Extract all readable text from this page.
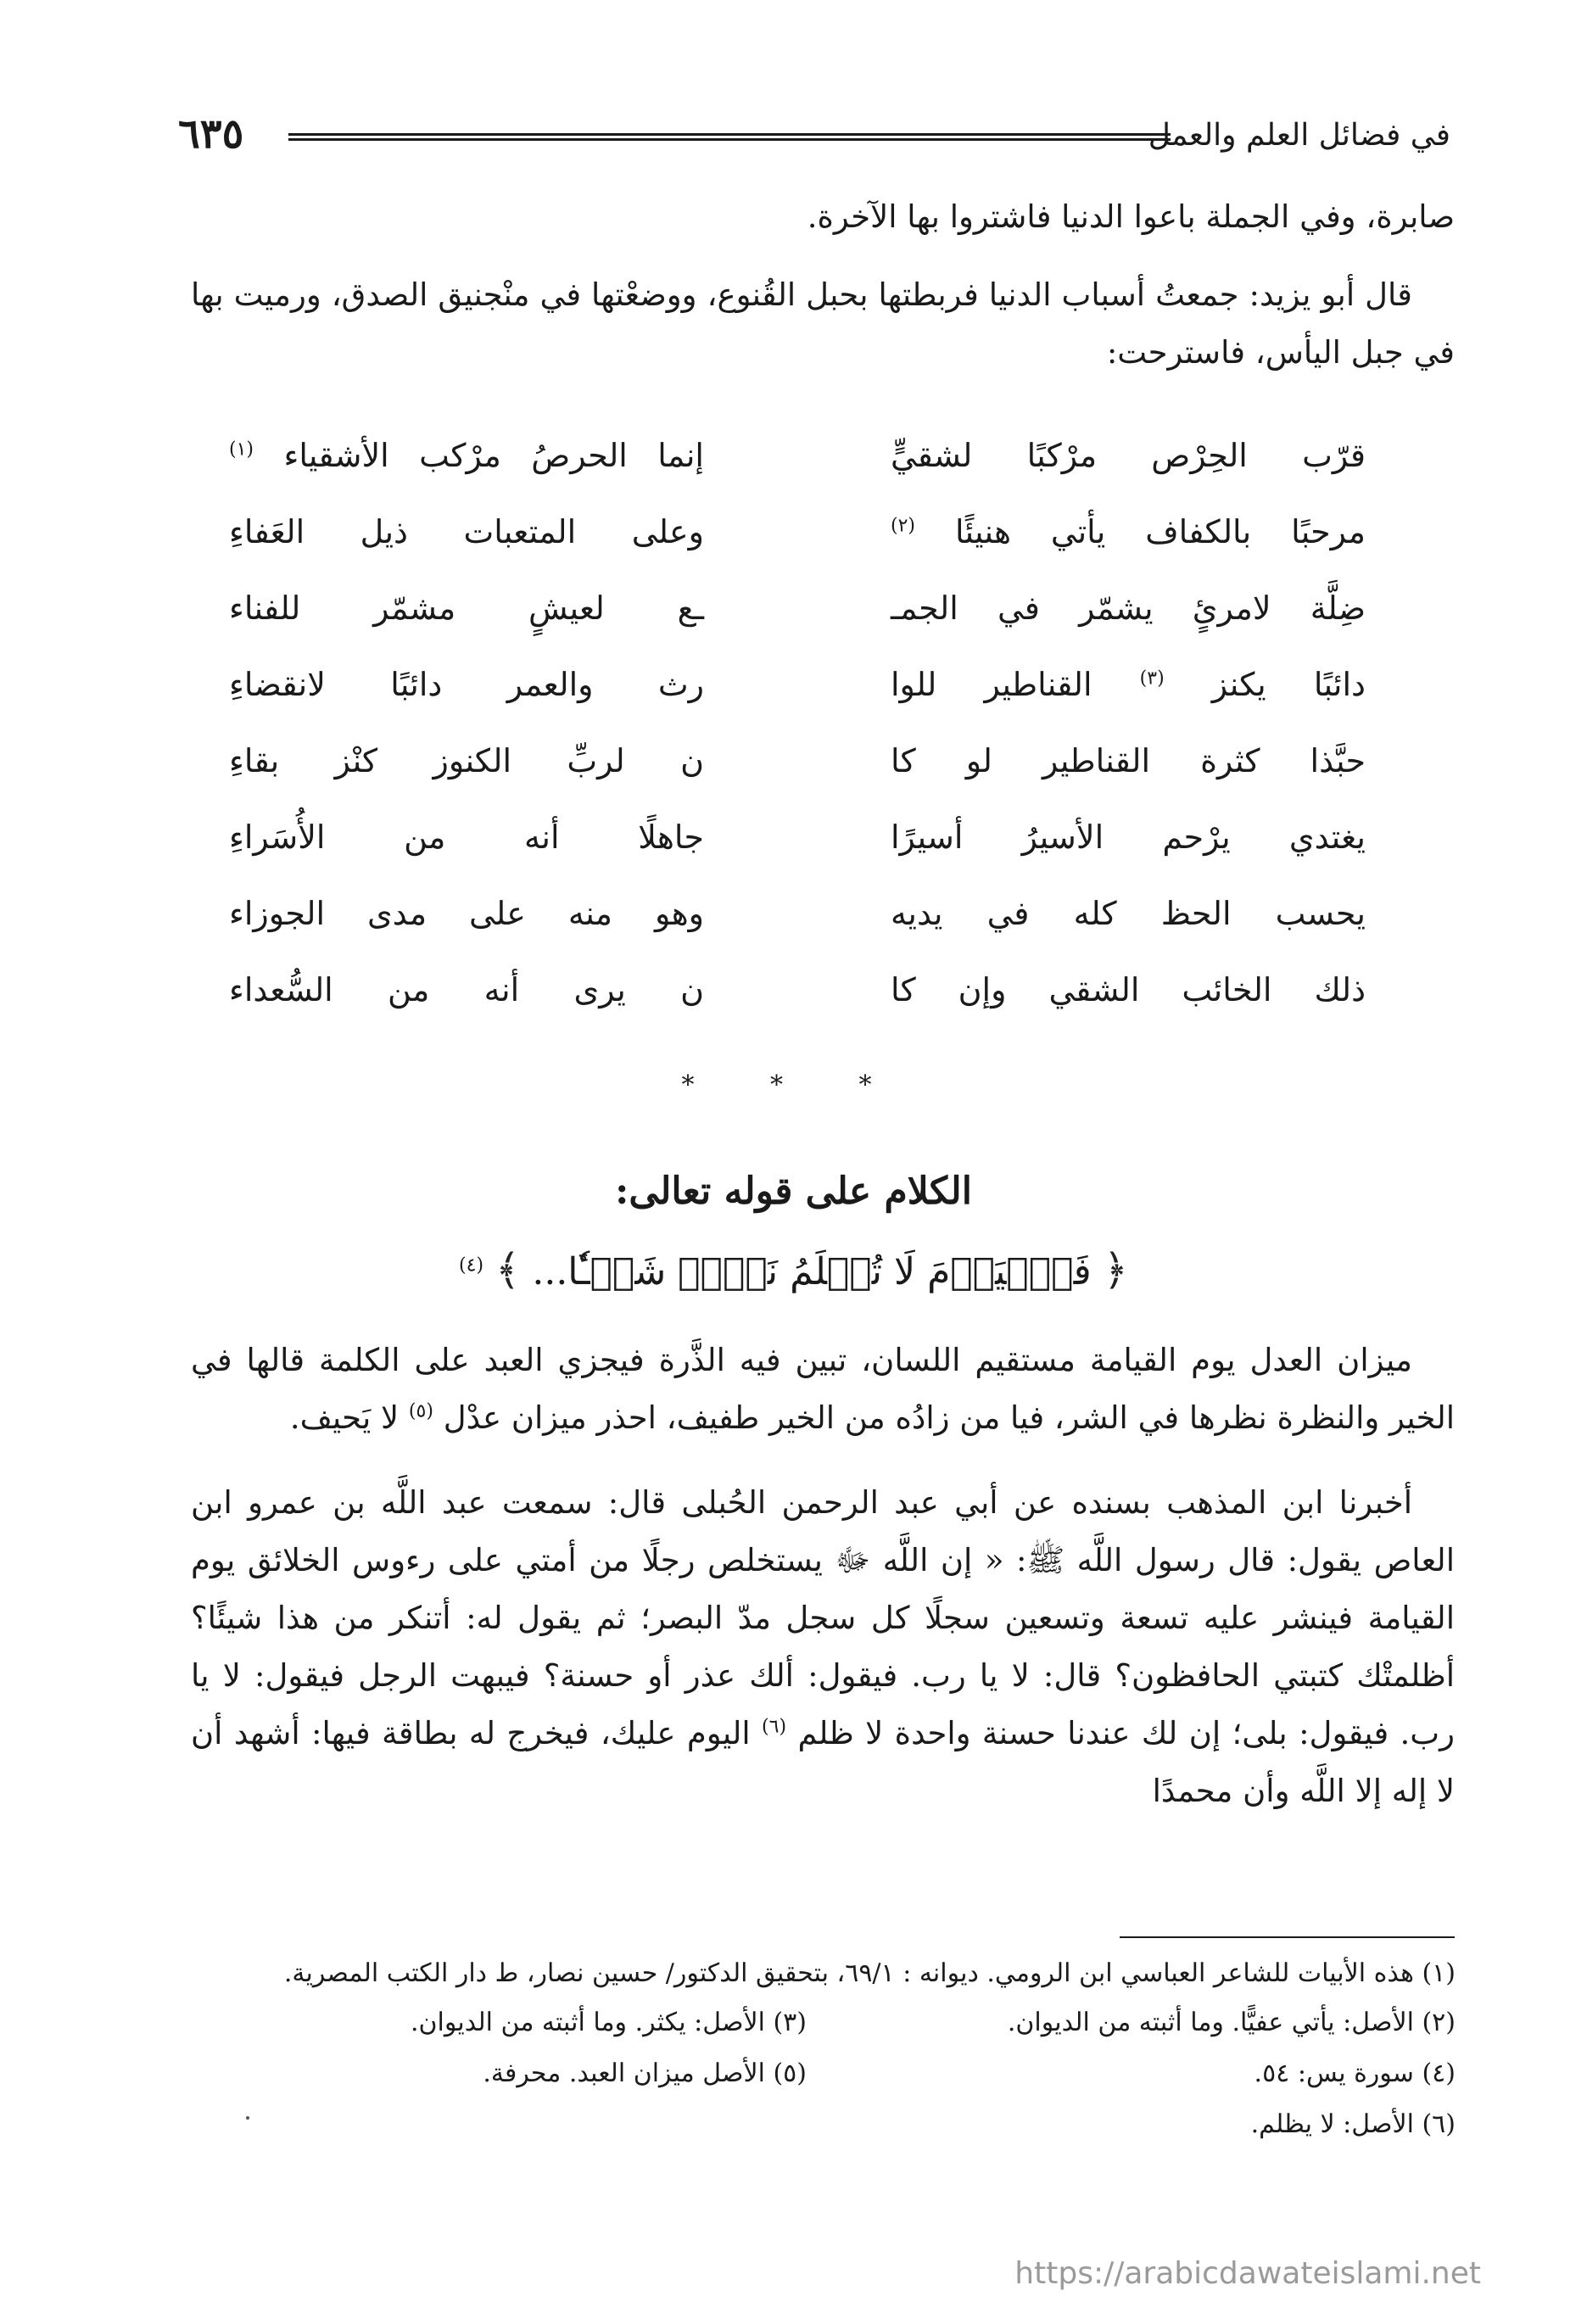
في فضائل العلم والعمل
٦٣٥
صابرة، وفي الجملة باعوا الدنيا فاشتروا بها الآخرة.
قال أبو يزيد: جمعتُ أسباب الدنيا فربطتها بحبل القُنوع، ووضعْتها في منْجنيق الصدق، ورميت بها في جبل اليأس، فاسترحت:
قرّب الحِرْص مرْكبًا لشقيٍّ
إنما الحرصُ مرْكب الأشقياء $^{(١)}$
مرحبًا بالكفاف يأتي هنيئًا $^{(٢)}$
وعلى المتعبات ذيل العَفاءِ
ضِلَّة لامرئٍ يشمّر في الجمـ
ـع لعيشٍ مشمّر للفناء
دائبًا يكنز $^{(٣)}$ القناطير للوا
رث والعمر دائبًا لانقضاءِ
حبَّذا كثرة القناطير لو كا
ن لربِّ الكنوز كنْز بقاءِ
يغتدي يرْحم الأسيرُ أسيرًا
جاهلًا أنه من الأُسَراءِ
يحسب الحظ كله في يديه
وهو منه على مدى الجوزاء
ذلك الخائب الشقي وإن كا
ن يرى أنه من السُّعداء
* * *
الكلام على قوله تعالى:
﴿ فَٱلۡيَوۡمَ لَا تُظۡلَمُ نَفۡسٞ شَيۡـٔٗا... ﴾ $^{(٤)}$
ميزان العدل يوم القيامة مستقيم اللسان، تبين فيه الذَّرة فيجزي العبد على الكلمة قالها في الخير والنظرة نظرها في الشر، فيا من زادُه من الخير طفيف، احذر ميزان عدْل $^{(٥)}$ لا يَحيف.
أخبرنا ابن المذهب بسنده عن أبي عبد الرحمن الحُبلى قال: سمعت عبد اللَّه بن عمرو ابن العاص يقول: قال رسول اللَّه ﷺ: « إن اللَّه ﷻ يستخلص رجلًا من أمتي على رءوس الخلائق يوم القيامة فينشر عليه تسعة وتسعين سجلًا كل سجل مدّ البصر؛ ثم يقول له: أتنكر من هذا شيئًا؟ أظلمتْك كتبتي الحافظون؟ قال: لا يا رب. فيقول: ألك عذر أو حسنة؟ فيبهت الرجل فيقول: لا يا رب. فيقول: بلى؛ إن لك عندنا حسنة واحدة لا ظلم $^{(٦)}$ اليوم عليك، فيخرج له بطاقة فيها: أشهد أن لا إله إلا اللَّه وأن محمدًا
(١) هذه الأبيات للشاعر العباسي ابن الرومي. ديوانه : ٦٩/١، بتحقيق الدكتور/ حسين نصار، ط دار الكتب المصرية.
(٢) الأصل: يأتي عفيًّا. وما أثبته من الديوان.
(٣) الأصل: يكثر. وما أثبته من الديوان.
(٤) سورة يس: ٥٤.
(٥) الأصل ميزان العبد. محرفة.
(٦) الأصل: لا يظلم.
https://arabicdawateislami.net
